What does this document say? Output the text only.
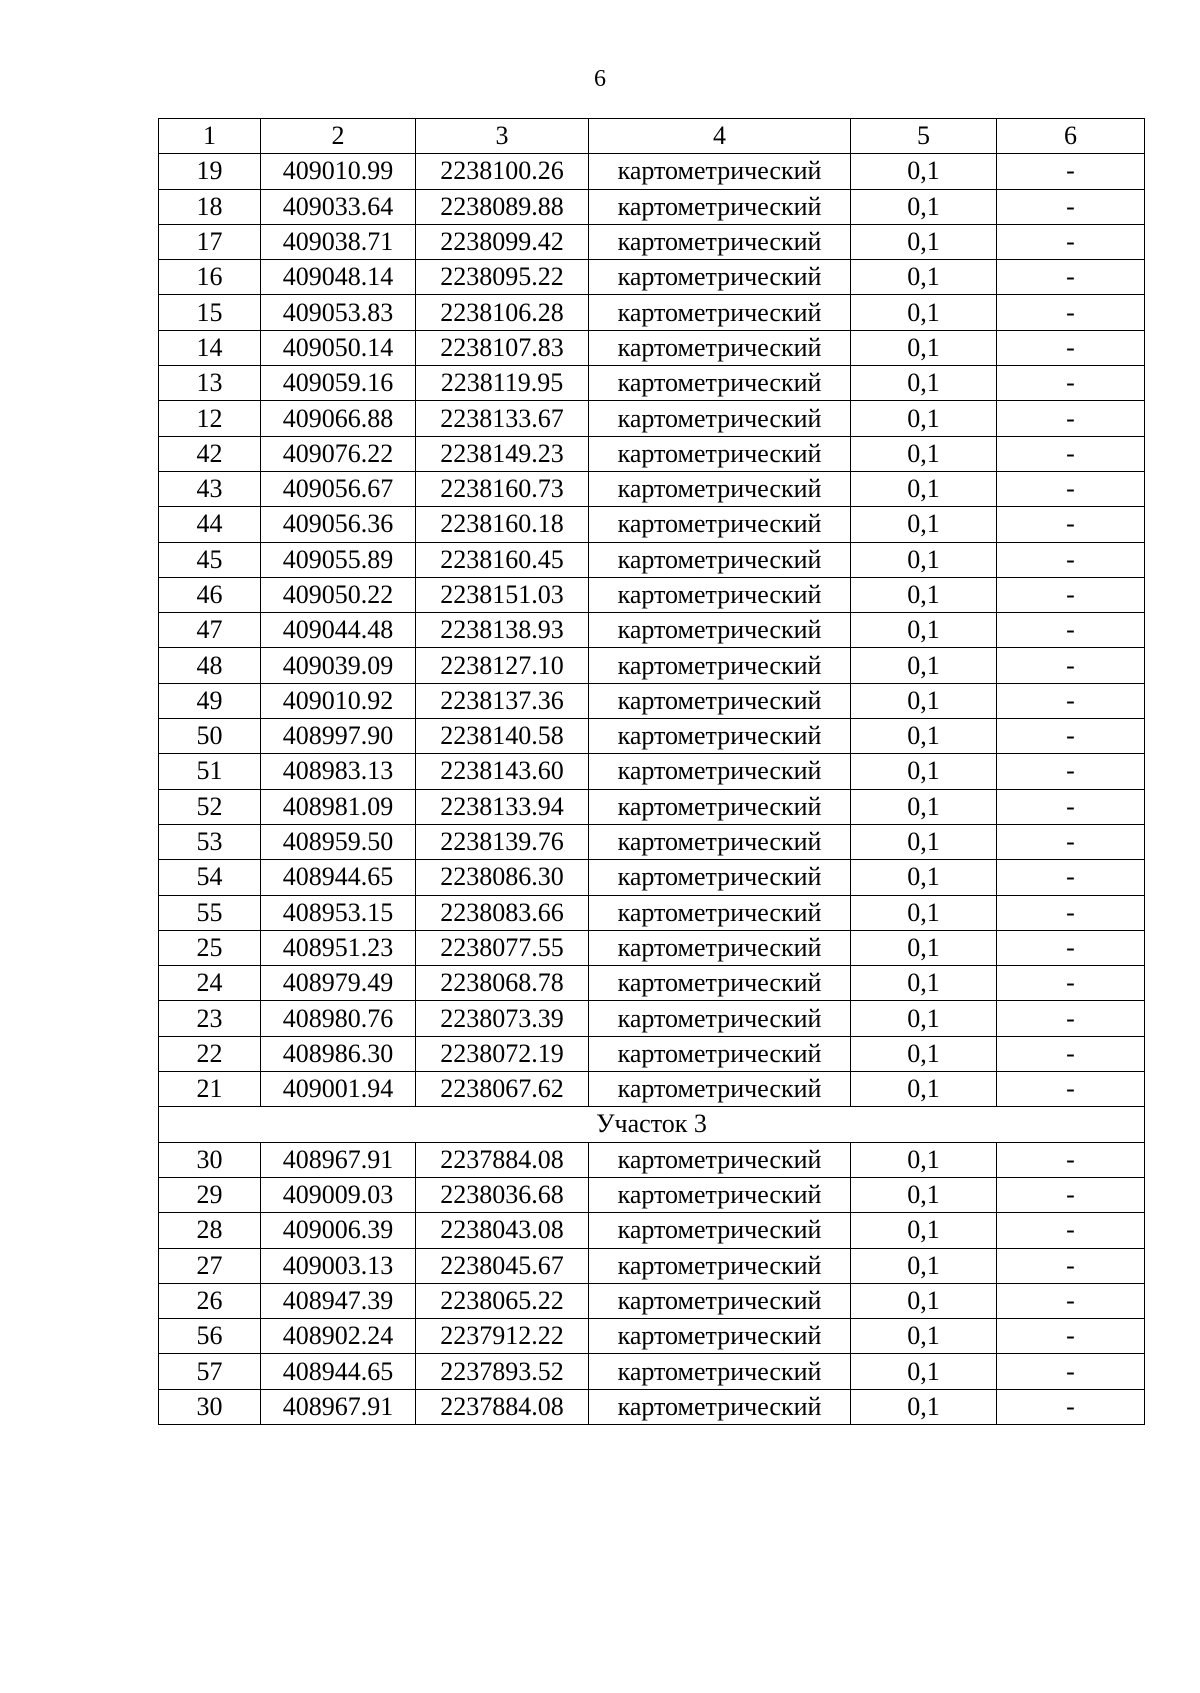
6
1	2	3	4	5	6
19	409010.99	2238100.26	картометрический	0,1	-
18	409033.64	2238089.88	картометрический	0,1	-
17	409038.71	2238099.42	картометрический	0,1	-
16	409048.14	2238095.22	картометрический	0,1	-
15	409053.83	2238106.28	картометрический	0,1	-
14	409050.14	2238107.83	картометрический	0,1	-
13	409059.16	2238119.95	картометрический	0,1	-
12	409066.88	2238133.67	картометрический	0,1	-
42	409076.22	2238149.23	картометрический	0,1	-
43	409056.67	2238160.73	картометрический	0,1	-
44	409056.36	2238160.18	картометрический	0,1	-
45	409055.89	2238160.45	картометрический	0,1	-
46	409050.22	2238151.03	картометрический	0,1	-
47	409044.48	2238138.93	картометрический	0,1	-
48	409039.09	2238127.10	картометрический	0,1	-
49	409010.92	2238137.36	картометрический	0,1	-
50	408997.90	2238140.58	картометрический	0,1	-
51	408983.13	2238143.60	картометрический	0,1	-
52	408981.09	2238133.94	картометрический	0,1	-
53	408959.50	2238139.76	картометрический	0,1	-
54	408944.65	2238086.30	картометрический	0,1	-
55	408953.15	2238083.66	картометрический	0,1	-
25	408951.23	2238077.55	картометрический	0,1	-
24	408979.49	2238068.78	картометрический	0,1	-
23	408980.76	2238073.39	картометрический	0,1	-
22	408986.30	2238072.19	картометрический	0,1	-
21	409001.94	2238067.62	картометрический	0,1	-
Участок 3					
30	408967.91	2237884.08	картометрический	0,1	-
29	409009.03	2238036.68	картометрический	0,1	-
28	409006.39	2238043.08	картометрический	0,1	-
27	409003.13	2238045.67	картометрический	0,1	-
26	408947.39	2238065.22	картометрический	0,1	-
56	408902.24	2237912.22	картометрический	0,1	-
57	408944.65	2237893.52	картометрический	0,1	-
30	408967.91	2237884.08	картометрический	0,1	-
